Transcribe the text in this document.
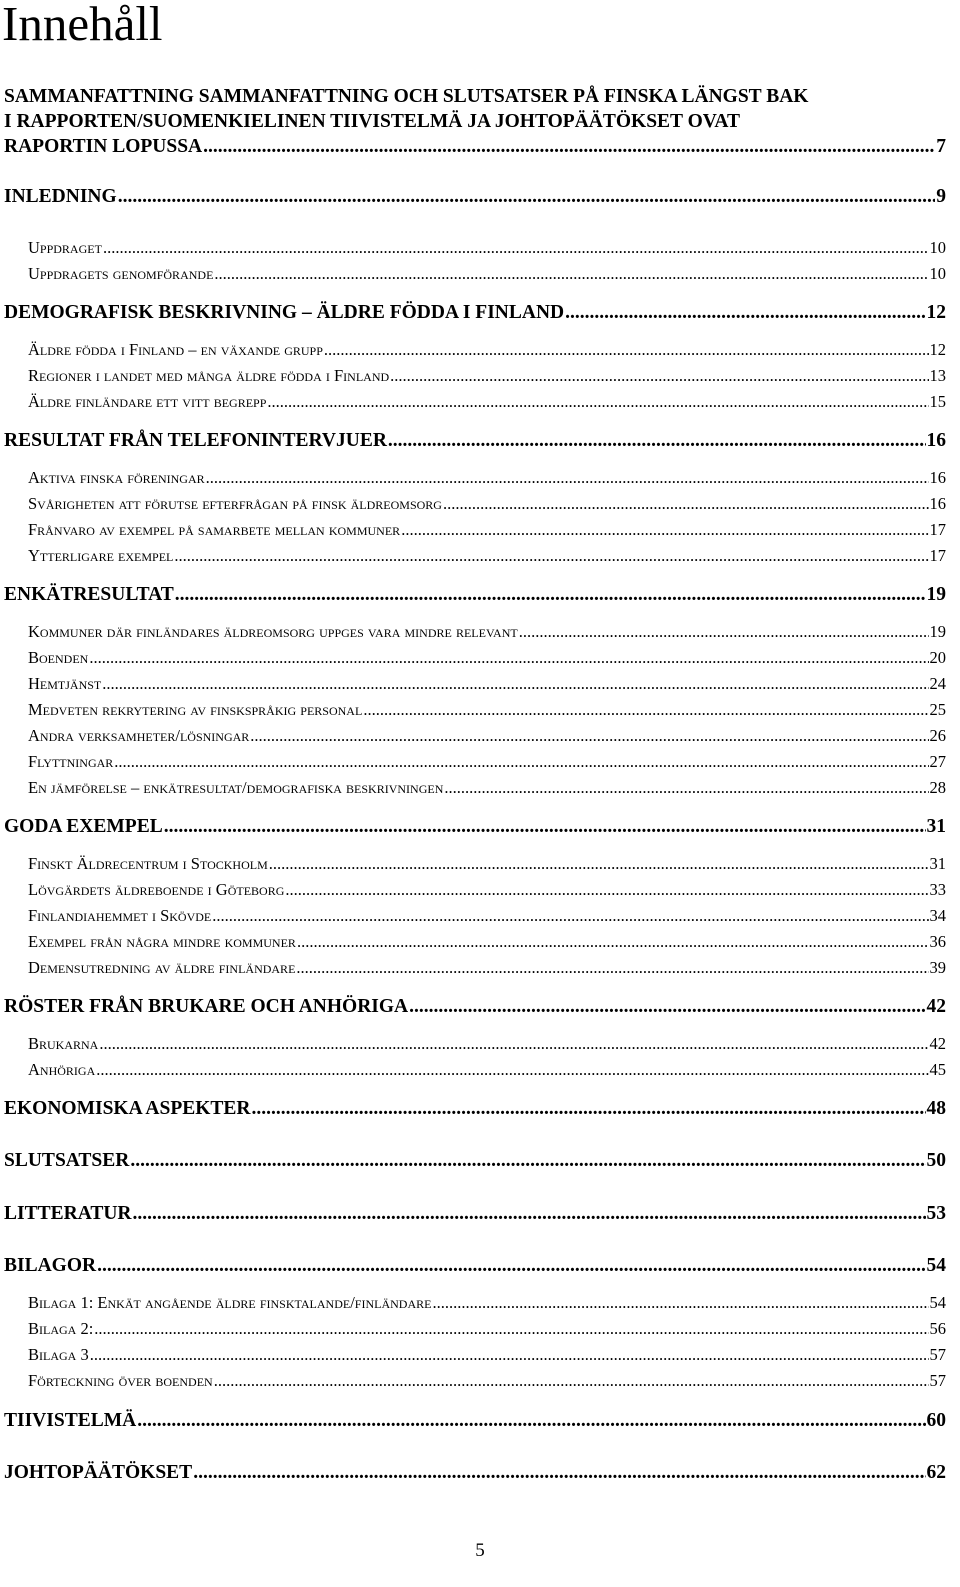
Innehåll
SAMMANFATTNING SAMMANFATTNING OCH SLUTSATSER PÅ FINSKA LÄNGST BAK
I RAPPORTEN/SUOMENKIELINEN TIIVISTELMÄ JA JOHTOPÄÄTÖKSET OVAT
RAPORTIN LOPUSSA .....	7
INLEDNING .....	9
Uppdraget .....	10
Uppdragets genomförande .....	10
DEMOGRAFISK BESKRIVNING – ÄLDRE FÖDDA I FINLAND .....	12
Äldre födda i Finland – en växande grupp .....	12
Regioner i landet med många äldre födda i Finland .....	13
Äldre finländare ett vitt begrepp .....	15
RESULTAT FRÅN TELEFONINTERVJUER .....	16
Aktiva finska föreningar .....	16
Svårigheten att förutse efterfrågan på finsk äldreomsorg .....	16
Frånvaro av exempel på samarbete mellan kommuner .....	17
Ytterligare exempel .....	17
ENKÄTRESULTAT .....	19
Kommuner där finländares äldreomsorg uppges vara mindre relevant .....	19
Boenden .....	20
Hemtjänst .....	24
Medveten rekrytering av finskspråkig personal .....	25
Andra verksamheter/lösningar .....	26
Flyttningar .....	27
En jämförelse – enkätresultat/demografiska beskrivningen .....	28
GODA EXEMPEL .....	31
Finskt Äldrecentrum i Stockholm .....	31
Lövgärdets äldreboende i Göteborg .....	33
Finlandiahemmet i Skövde .....	34
Exempel från några mindre kommuner .....	36
Demensutredning av äldre finländare .....	39
RÖSTER FRÅN BRUKARE OCH ANHÖRIGA .....	42
Brukarna .....	42
Anhöriga .....	45
EKONOMISKA ASPEKTER .....	48
SLUTSATSER .....	50
LITTERATUR .....	53
BILAGOR .....	54
Bilaga 1: Enkät angående äldre finsktalande/finländare .....	54
Bilaga 2: .....	56
Bilaga 3 .....	57
Förteckning över boenden .....	57
TIIVISTELMÄ .....	60
JOHTOPÄÄTÖKSET .....	62
5
